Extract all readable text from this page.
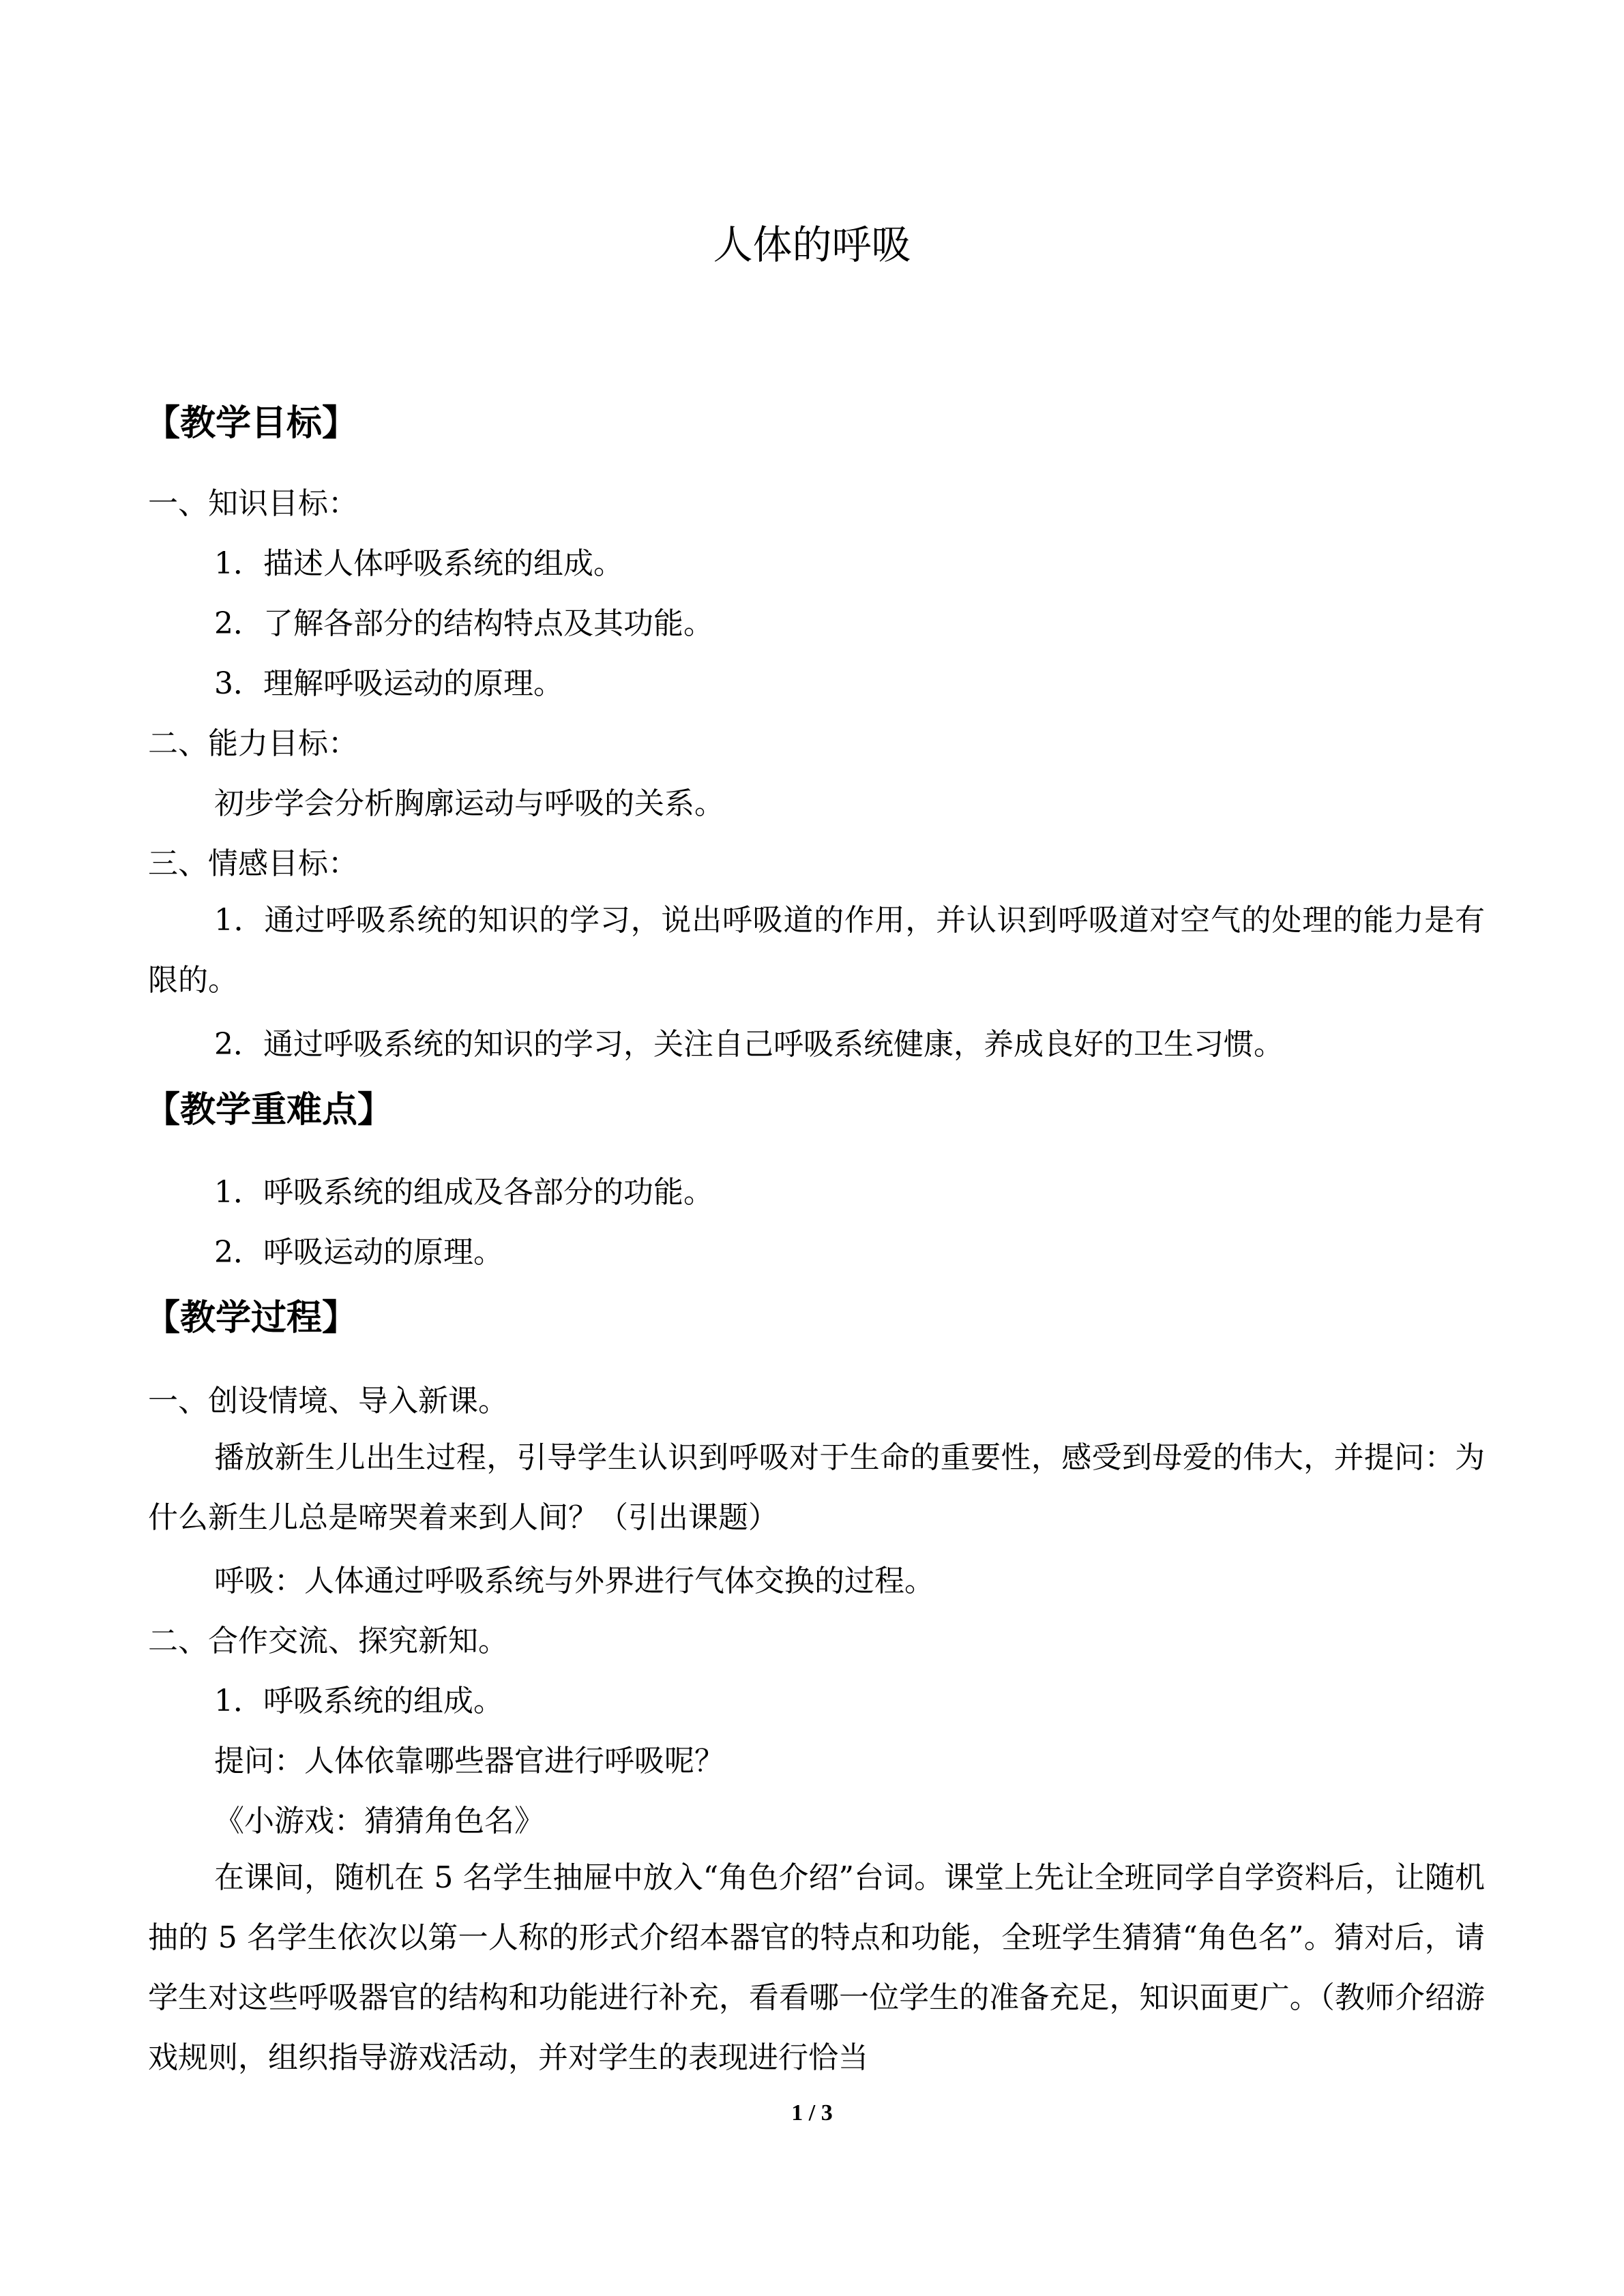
人体的呼吸
【教学目标】
一、知识目标：
1．描述人体呼吸系统的组成。
2．了解各部分的结构特点及其功能。
3．理解呼吸运动的原理。
二、能力目标：
初步学会分析胸廓运动与呼吸的关系。
三、情感目标：
1．通过呼吸系统的知识的学习，说出呼吸道的作用，并认识到呼吸道对空气的处理的能力是有限的。
2．通过呼吸系统的知识的学习，关注自己呼吸系统健康，养成良好的卫生习惯。
【教学重难点】
1．呼吸系统的组成及各部分的功能。
2．呼吸运动的原理。
【教学过程】
一、创设情境、导入新课。
播放新生儿出生过程，引导学生认识到呼吸对于生命的重要性，感受到母爱的伟大，并提问：为什么新生儿总是啼哭着来到人间？（引出课题）
呼吸：人体通过呼吸系统与外界进行气体交换的过程。
二、合作交流、探究新知。
1．呼吸系统的组成。
提问：人体依靠哪些器官进行呼吸呢？
《小游戏：猜猜角色名》
在课间，随机在 5 名学生抽屉中放入“角色介绍”台词。课堂上先让全班同学自学资料后，让随机抽的 5 名学生依次以第一人称的形式介绍本器官的特点和功能，全班学生猜猜“角色名”。猜对后，请学生对这些呼吸器官的结构和功能进行补充，看看哪一位学生的准备充足，知识面更广。（教师介绍游戏规则，组织指导游戏活动，并对学生的表现进行恰当
1 / 3
